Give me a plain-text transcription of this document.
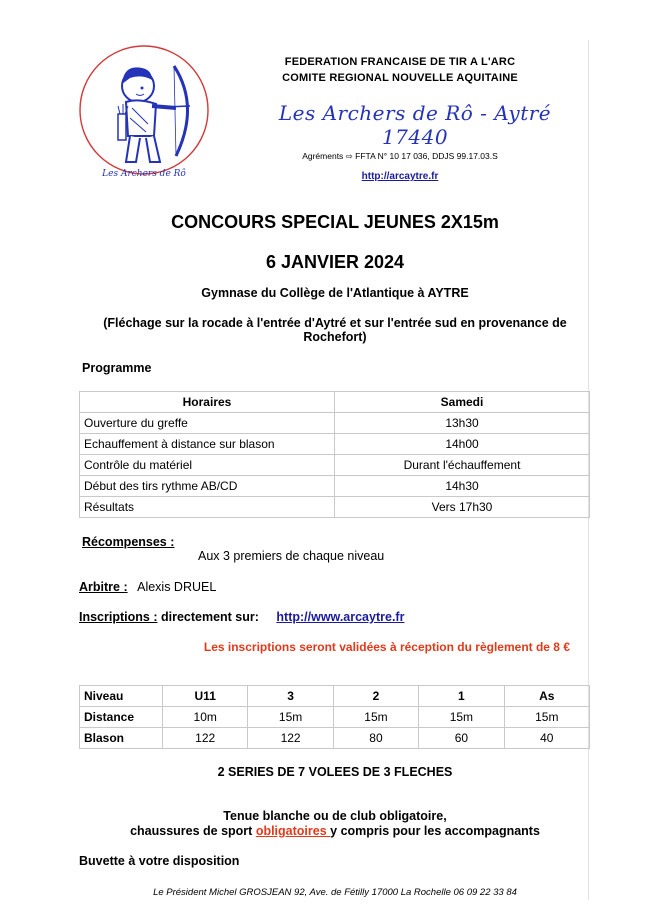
Les Archers de Rô
FEDERATION FRANCAISE DE TIR A L'ARC
COMITE REGIONAL NOUVELLE AQUITAINE
Les Archers de Rô - Aytré 17440
Agréments ⇨ FFTA N° 10 17 036, DDJS 99.17.03.S
http://arcaytre.fr
CONCOURS SPECIAL JEUNES 2X15m
6 JANVIER 2024
Gymnase du Collège de l'Atlantique à AYTRE
(Fléchage sur la rocade à l'entrée d'Aytré et sur l'entrée sud en provenance de
Rochefort)
Programme
Horaires	Samedi
Ouverture du greffe	13h30
Echauffement à distance sur blason	14h00
Contrôle du matériel	Durant l'échauffement
Début des tirs rythme AB/CD	14h30
Résultats	Vers 17h30
Récompenses :
Aux 3 premiers de chaque niveau
Arbitre : Alexis DRUEL
Inscriptions : directement sur: http://www.arcaytre.fr
Les inscriptions seront validées à réception du règlement de 8 €
Niveau	U11	3	2	1	As
Distance	10m	15m	15m	15m	15m
Blason	122	122	80	60	40
2 SERIES DE 7 VOLEES DE 3 FLECHES
Tenue blanche ou de club obligatoire,
chaussures de sport obligatoires y compris pour les accompagnants
Buvette à votre disposition
Le Président Michel GROSJEAN 92, Ave. de Fétilly 17000 La Rochelle 06 09 22 33 84
